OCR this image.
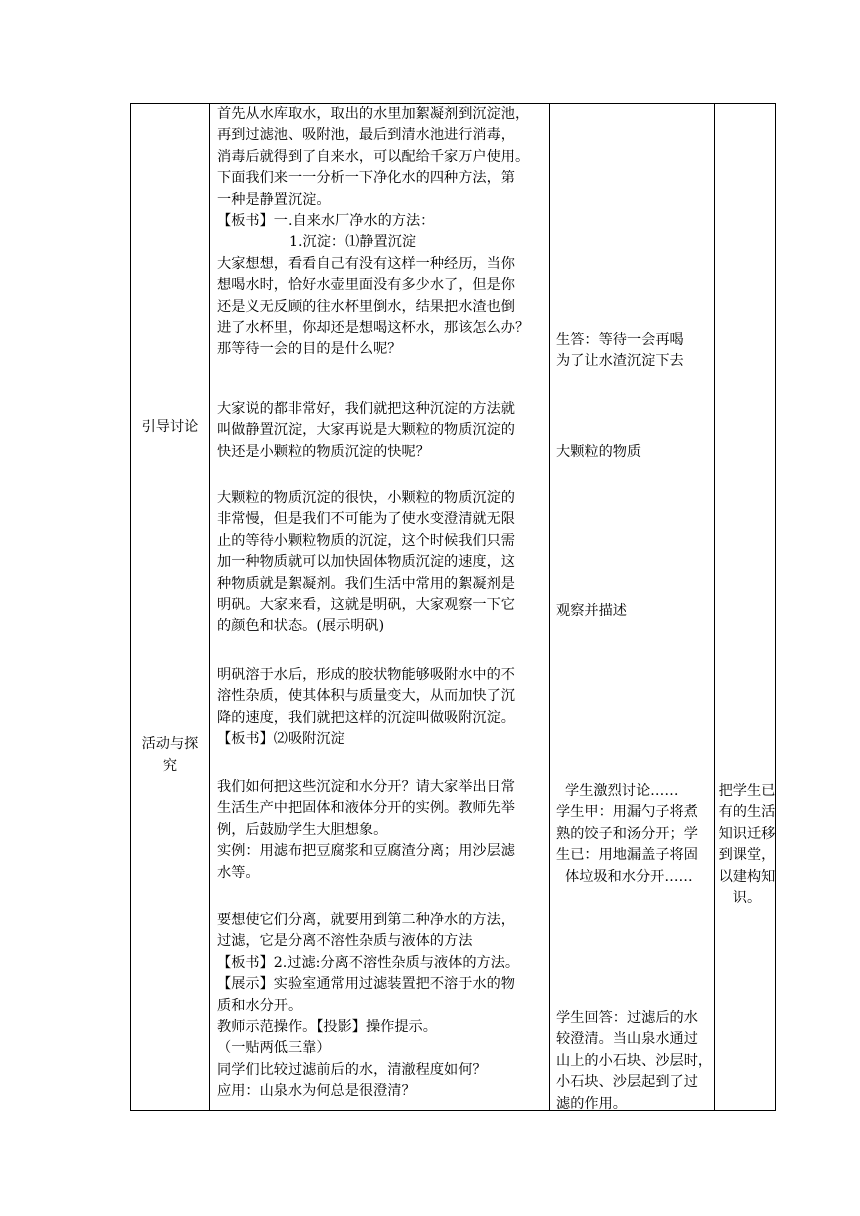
引导讨论
活动与探
究

首先从水库取水，取出的水里加絮凝剂到沉淀池，

再到过滤池、吸附池，最后到清水池进行消毒，

消毒后就得到了自来水，可以配给千家万户使用。

下面我们来一一分析一下净化水的四种方法，第

一种是静置沉淀。

【板书】一.自来水厂净水的方法：

1.沉淀：⑴静置沉淀

大家想想，看看自己有没有这样一种经历，当你

想喝水时，恰好水壶里面没有多少水了，但是你

还是义无反顾的往水杯里倒水，结果把水渣也倒

进了水杯里，你却还是想喝这杯水，那该怎么办？

那等待一会的目的是什么呢？

大家说的都非常好，我们就把这种沉淀的方法就

叫做静置沉淀，大家再说是大颗粒的物质沉淀的

快还是小颗粒的物质沉淀的快呢？

大颗粒的物质沉淀的很快，小颗粒的物质沉淀的

非常慢，但是我们不可能为了使水变澄清就无限

止的等待小颗粒物质的沉淀，这个时候我们只需

加一种物质就可以加快固体物质沉淀的速度，这

种物质就是絮凝剂。我们生活中常用的絮凝剂是

明矾。大家来看，这就是明矾，大家观察一下它

的颜色和状态。(展示明矾)

明矾溶于水后，形成的胶状物能够吸附水中的不

溶性杂质，使其体积与质量变大，从而加快了沉

降的速度，我们就把这样的沉淀叫做吸附沉淀。

【板书】⑵吸附沉淀

我们如何把这些沉淀和水分开？请大家举出日常

生活生产中把固体和液体分开的实例。教师先举

例，后鼓励学生大胆想象。

实例：用滤布把豆腐浆和豆腐渣分离；用沙层滤

水等。

要想使它们分离，就要用到第二种净水的方法，

过滤，它是分离不溶性杂质与液体的方法

【板书】2.过滤:分离不溶性杂质与液体的方法。

【展示】实验室通常用过滤装置把不溶于水的物

质和水分开。

教师示范操作。【投影】操作提示。

（一贴两低三靠）

同学们比较过滤前后的水，清澈程度如何？

应用：山泉水为何总是很澄清？

生答：等待一会再喝

为了让水渣沉淀下去

大颗粒的物质

观察并描述

学生激烈讨论……

学生甲：用漏勺子将煮

熟的饺子和汤分开；学

生已：用地漏盖子将固

体垃圾和水分开……

学生回答：过滤后的水

较澄清。当山泉水通过

山上的小石块、沙层时，

小石块、沙层起到了过

滤的作用。

把学生已有的生活知识迁移到课堂，以建构知识。
